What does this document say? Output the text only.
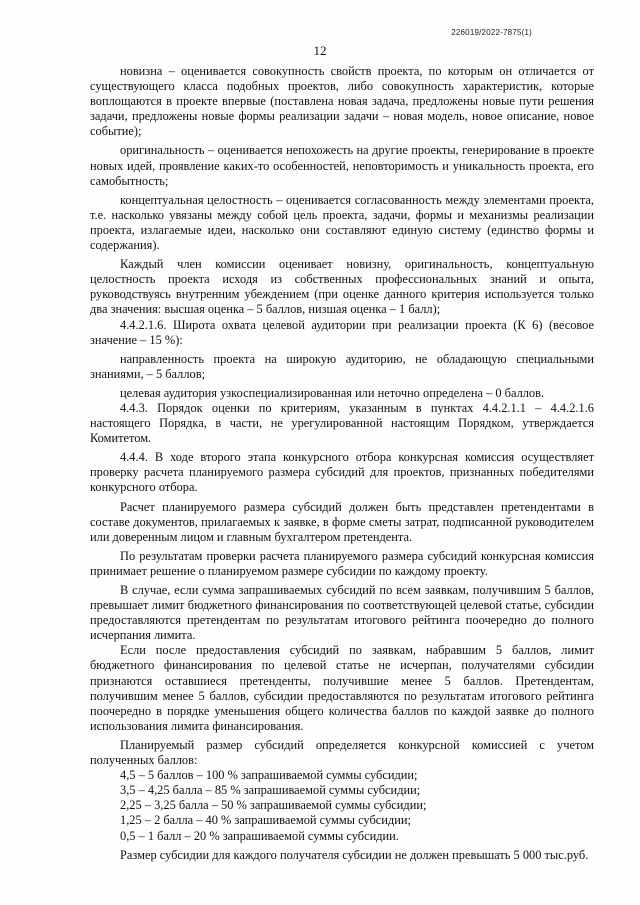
226019/2022-7875(1)
12

новизна – оценивается совокупность свойств проекта, по которым он отличается от существующего класса подобных проектов, либо совокупность характеристик, которые воплощаются в проекте впервые (поставлена новая задача, предложены новые пути решения задачи, предложены новые формы реализации задачи – новая модель, новое описание, новое событие);

оригинальность – оценивается непохожесть на другие проекты, генерирование в проекте новых идей, проявление каких-то особенностей, неповторимость и уникальность проекта, его самобытность;

концептуальная целостность – оценивается согласованность между элементами проекта, т.е. насколько увязаны между собой цель проекта, задачи, формы и механизмы реализации проекта, излагаемые идеи, насколько они составляют единую систему (единство формы и содержания).

Каждый член комиссии оценивает новизну, оригинальность, концептуальную целостность проекта исходя из собственных профессиональных знаний и опыта, руководствуясь внутренним убеждением (при оценке данного критерия используется только два значения: высшая оценка – 5 баллов, низшая оценка – 1 балл);

4.4.2.1.6. Широта охвата целевой аудитории при реализации проекта (К 6) (весовое значение – 15 %):

направленность проекта на широкую аудиторию, не обладающую специальными знаниями, – 5 баллов;

целевая аудитория узкоспециализированная или неточно определена – 0 баллов.

4.4.3. Порядок оценки по критериям, указанным в пунктах 4.4.2.1.1 – 4.4.2.1.6 настоящего Порядка, в части, не урегулированной настоящим Порядком, утверждается Комитетом.

4.4.4. В ходе второго этапа конкурсного отбора конкурсная комиссия осуществляет проверку расчета планируемого размера субсидий для проектов, признанных победителями конкурсного отбора.

Расчет планируемого размера субсидий должен быть представлен претендентами в составе документов, прилагаемых к заявке, в форме сметы затрат, подписанной руководителем или доверенным лицом и главным бухгалтером претендента.

По результатам проверки расчета планируемого размера субсидий конкурсная комиссия принимает решение о планируемом размере субсидии по каждому проекту.

В случае, если сумма запрашиваемых субсидий по всем заявкам, получившим 5 баллов, превышает лимит бюджетного финансирования по соответствующей целевой статье, субсидии предоставляются претендентам по результатам итогового рейтинга поочередно до полного исчерпания лимита.

Если после предоставления субсидий по заявкам, набравшим 5 баллов, лимит бюджетного финансирования по целевой статье не исчерпан, получателями субсидии признаются оставшиеся претенденты, получившие менее 5 баллов. Претендентам, получившим менее 5 баллов, субсидии предоставляются по результатам итогового рейтинга поочередно в порядке уменьшения общего количества баллов по каждой заявке до полного использования лимита финансирования.

Планируемый размер субсидий определяется конкурсной комиссией с учетом полученных баллов:

4,5 – 5 баллов – 100 % запрашиваемой суммы субсидии;

3,5 – 4,25 балла – 85 % запрашиваемой суммы субсидии;

2,25 – 3,25 балла – 50 % запрашиваемой суммы субсидии;

1,25 – 2 балла – 40 % запрашиваемой суммы субсидии;

0,5 – 1 балл – 20 % запрашиваемой суммы субсидии.

Размер субсидии для каждого получателя субсидии не должен превышать 5 000 тыс.руб.
